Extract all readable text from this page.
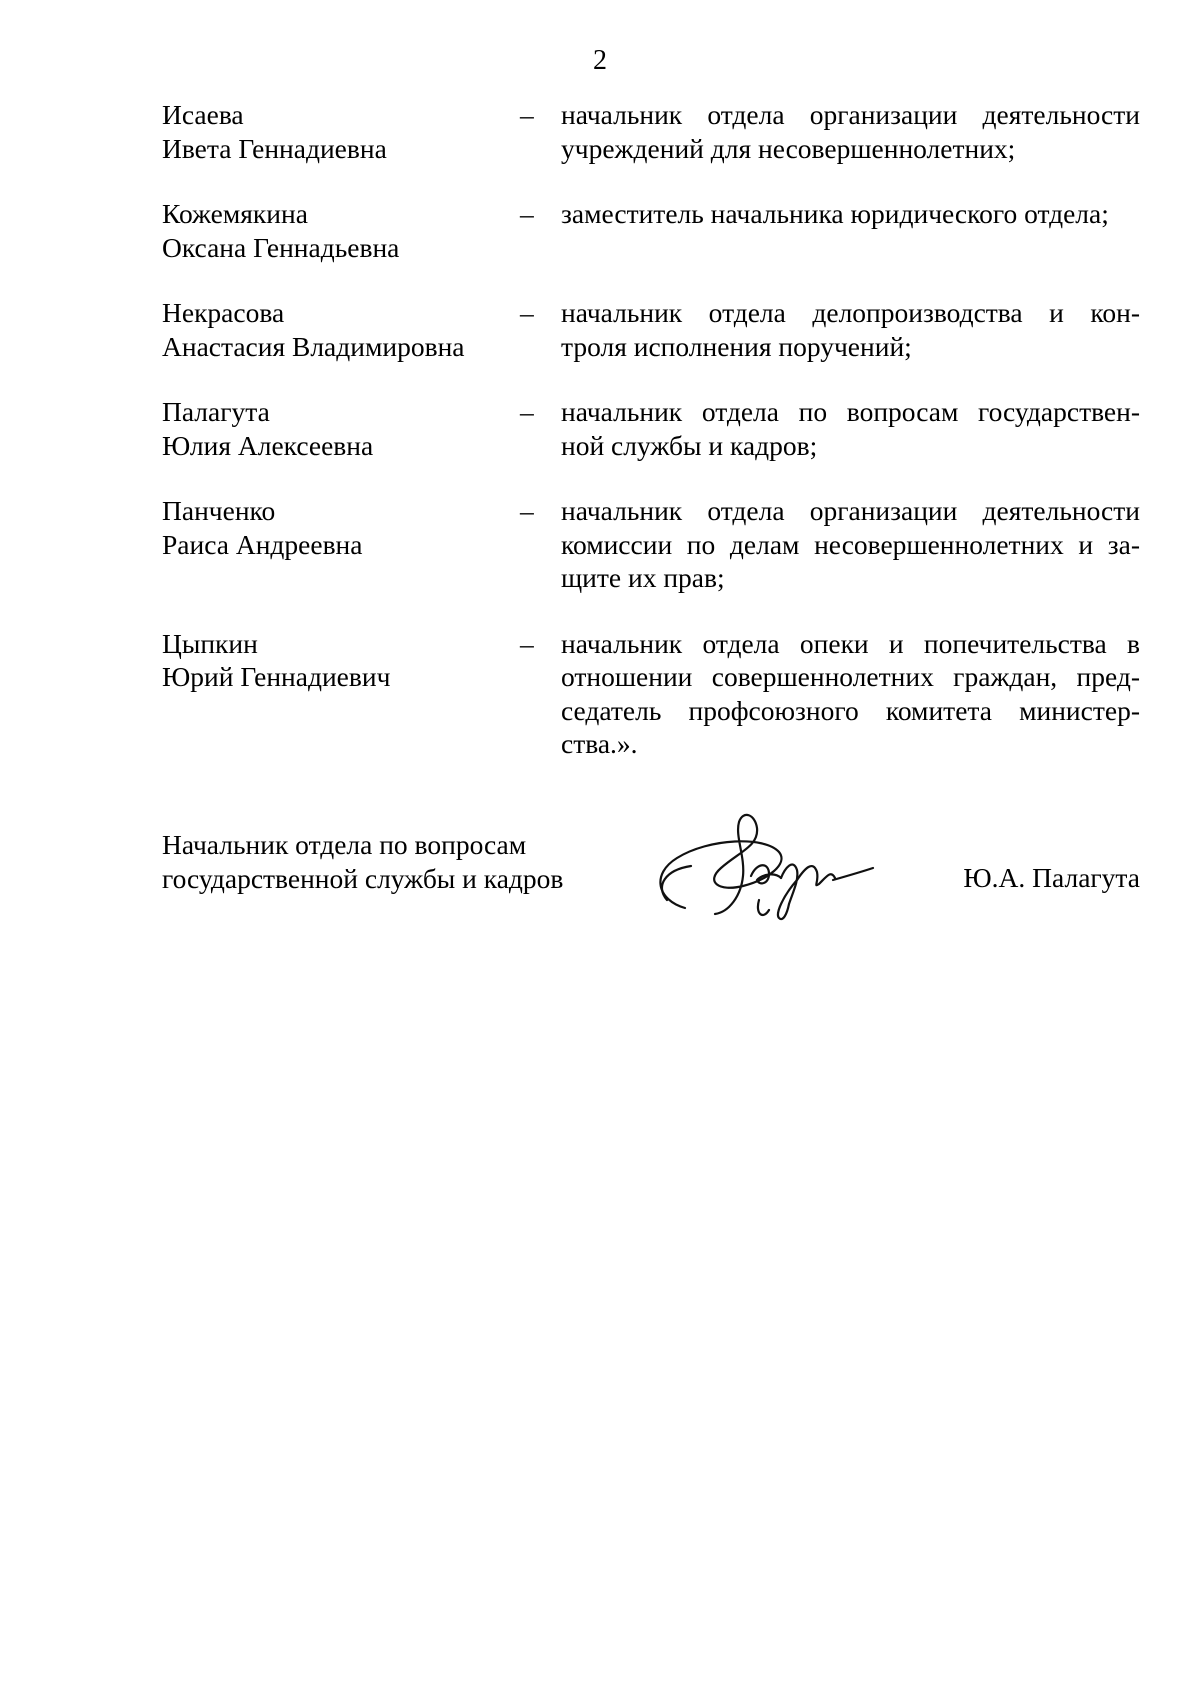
2
Исаева
Ивета Геннадиевна
– начальник отдела организации деятельности
учреждений для несовершеннолетних;
Кожемякина
Оксана Геннадьевна
– заместитель начальника юридического отдела;
Некрасова
Анастасия Владимировна
– начальник отдела делопроизводства и кон-
троля исполнения поручений;
Палагута
Юлия Алексеевна
– начальник отдела по вопросам государствен-
ной службы и кадров;
Панченко
Раиса Андреевна
– начальник отдела организации деятельности
комиссии по делам несовершеннолетних и за-
щите их прав;
Цыпкин
Юрий Геннадиевич
– начальник отдела опеки и попечительства в
отношении совершеннолетних граждан, пред-
седатель профсоюзного комитета министер-
ства.».
Начальник отдела по вопросам
государственной службы и кадров	Ю.А. Палагута
